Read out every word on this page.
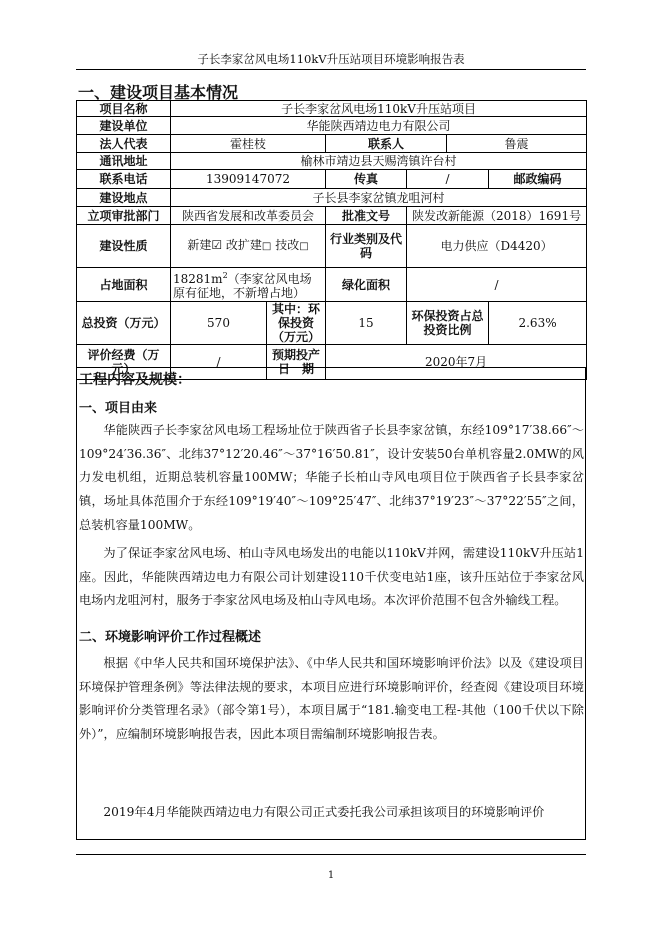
子长李家岔风电场110kV升压站项目环境影响报告表
一、建设项目基本情况
项目名称	子长李家岔风电场110kV升压站项目					
建设单位	华能陕西靖边电力有限公司					
法人代表	霍桂枝		联系人		鲁震	
通讯地址	榆林市靖边县天赐湾镇许台村					
联系电话	13909147072		传真	/		邮政编码
建设地点	子长县李家岔镇龙咀河村					
立项审批部门	陕西省发展和改革委员会		批准文号	陕发改新能源（2018）1691号		
建设性质	新建☑ 改扩建□ 技改□		行业类别及代码	电力供应（D4420）		
占地面积	$18281m^2$（李家岔风电场原有征地，不新增占地）		绿化面积	/		
总投资（万元）	570	其中：环保投资（万元）	15	环保投资占总投资比例		2.63%
评价经费（万元）	/	预期投产日　期	2020年7月			
工程内容及规模：
一、项目由来
华能陕西子长李家岔风电场工程场址位于陕西省子长县李家岔镇，东经109°17′38.66″～109°24′36.36″、北纬37°12′20.46″～37°16′50.81″，设计安装50台单机容量2.0MW的风力发电机组，近期总装机容量100MW；华能子长柏山寺风电项目位于陕西省子长县李家岔镇，场址具体范围介于东经109°19′40″～109°25′47″、北纬37°19′23″～37°22′55″之间，总装机容量100MW。
为了保证李家岔风电场、柏山寺风电场发出的电能以110kV并网，需建设110kV升压站1座。因此，华能陕西靖边电力有限公司计划建设110千伏变电站1座，该升压站位于李家岔风电场内龙咀河村，服务于李家岔风电场及柏山寺风电场。本次评价范围不包含外输线工程。
二、环境影响评价工作过程概述
根据《中华人民共和国环境保护法》、《中华人民共和国环境影响评价法》以及《建设项目环境保护管理条例》等法律法规的要求，本项目应进行环境影响评价，经查阅《建设项目环境影响评价分类管理名录》（部令第1号），本项目属于“181.输变电工程-其他（100千伏以下除外）”，应编制环境影响报告表，因此本项目需编制环境影响报告表。
2019年4月华能陕西靖边电力有限公司正式委托我公司承担该项目的环境影响评价
1
